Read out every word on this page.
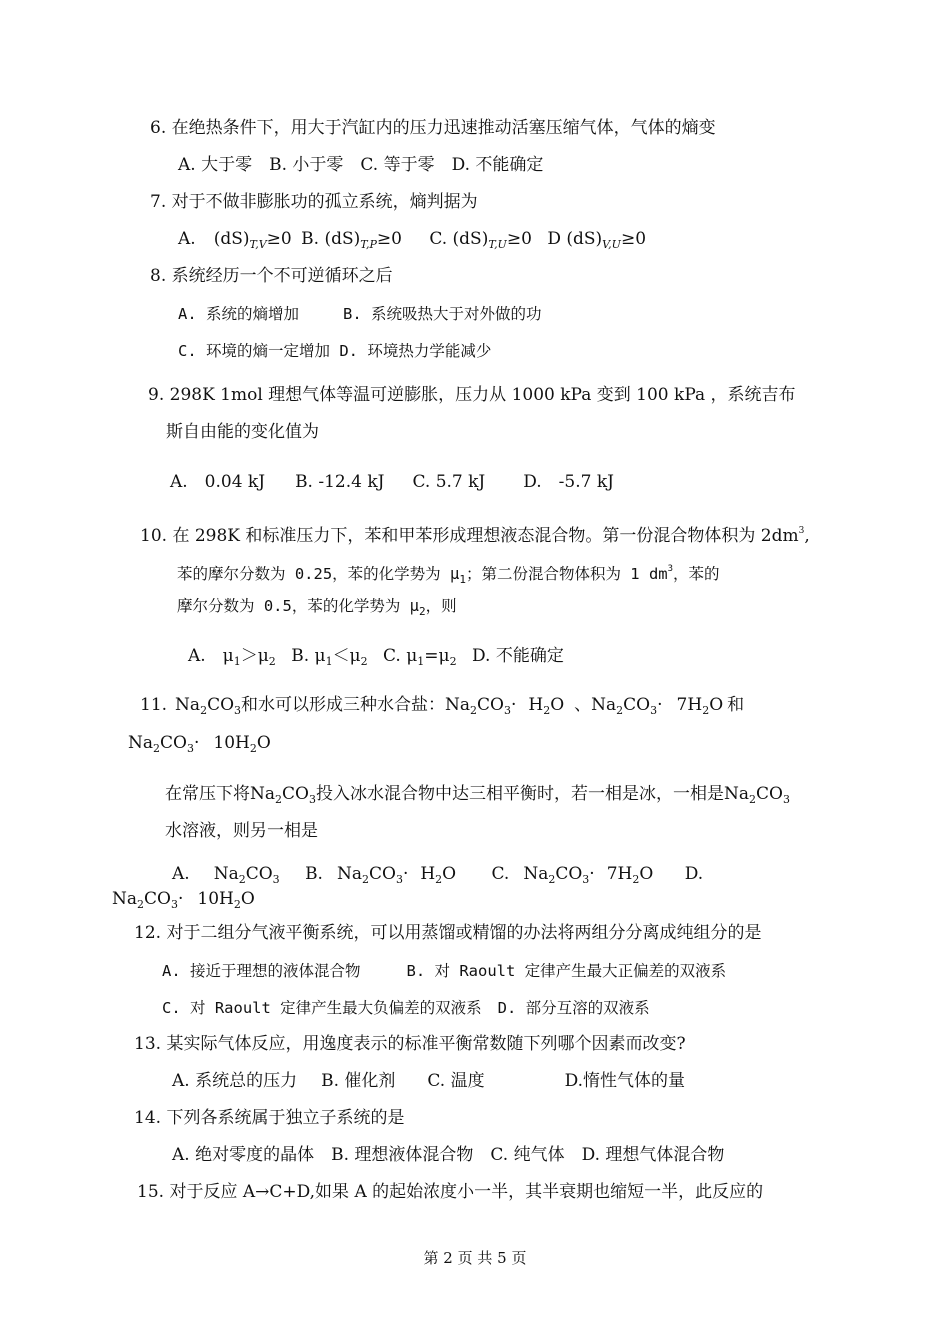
6. 在绝热条件下，用大于汽缸内的压力迅速推动活塞压缩气体，气体的熵变
A. 大于零　B. 小于零　C. 等于零　D. 不能确定
7. 对于不做非膨胀功的孤立系统，熵判据为
A. $(dS)_{T,V}\ge 0$ B. $(dS)_{T,P}\ge 0$ C. $(dS)_{T,U}\ge 0$ D $(dS)_{V,U}\ge 0$
8. 系统经历一个不可逆循环之后
A. 系统的熵增加	B. 系统吸热大于对外做的功
C. 环境的熵一定增加 D. 环境热力学能减少
9. 298K 1mol 理想气体等温可逆膨胀，压力从 1000 kPa 变到 100 kPa ，系统吉布
斯自由能的变化值为
A.　0.04 kJ B. -12.4 kJ C. 5.7 kJ D.　-5.7 kJ
10. 在 298K 和标准压力下，苯和甲苯形成理想液态混合物。第一份混合物体积为 $2dm^3$,
苯的摩尔分数为 0.25，苯的化学势为 $\mu_1$；第二份混合物体积为 1 $dm^3$，苯的
摩尔分数为 0.5，苯的化学势为 $\mu_2$，则
A.　$\mu_1>\mu_2$ B. $\mu_1<\mu_2$ C. $\mu_1=\mu_2$ D. 不能确定
11. $Na_2CO_3$和水可以形成三种水合盐：$Na_2CO_3\cdot H_2O$ 、$Na_2CO_3\cdot 7H_2O$ 和
$Na_2CO_3\cdot 10H_2O$
在常压下将$Na_2CO_3$投入冰水混合物中达三相平衡时，若一相是冰，一相是$Na_2CO_3$
水溶液，则另一相是
A. $Na_2CO_3$ B. $Na_2CO_3\cdot H_2O$ C. $Na_2CO_3\cdot 7H_2O$ D.
$Na_2CO_3\cdot 10H_2O$
12. 对于二组分气液平衡系统，可以用蒸馏或精馏的办法将两组分分离成纯组分的是
A. 接近于理想的液体混合物	B. 对 Raoult 定律产生最大正偏差的双液系
C. 对 Raoult 定律产生最大负偏差的双液系 D. 部分互溶的双液系
13. 某实际气体反应，用逸度表示的标准平衡常数随下列哪个因素而改变?
A. 系统总的压力 B. 催化剂 C. 温度	D.惰性气体的量
14. 下列各系统属于独立子系统的是
A. 绝对零度的晶体　B. 理想液体混合物　C. 纯气体　D. 理想气体混合物
15. 对于反应 A→C+D,如果 A 的起始浓度小一半，其半衰期也缩短一半，此反应的
第 2 页 共 5 页
